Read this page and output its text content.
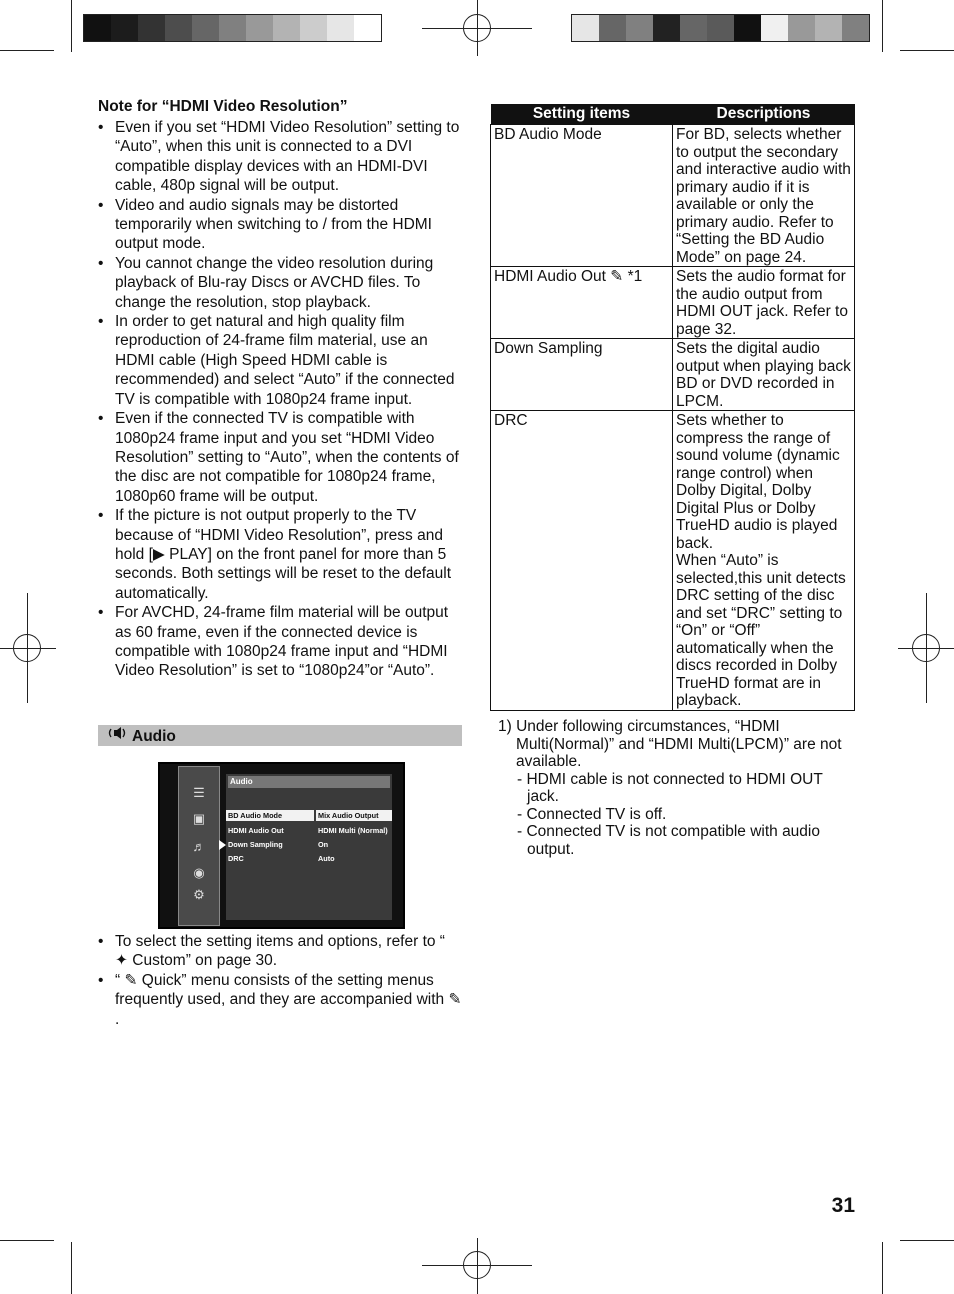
Note for “HDMI Video Resolution”
• Even if you set “HDMI Video Resolution” setting to “Auto”, when this unit is connected to a DVI compatible display devices with an HDMI-DVI cable, 480p signal will be output.
• Video and audio signals may be distorted temporarily when switching to / from the HDMI output mode.
• You cannot change the video resolution during playback of Blu-ray Discs or AVCHD files. To change the resolution, stop playback.
• In order to get natural and high quality film reproduction of 24-frame film material, use an HDMI cable (High Speed HDMI cable is recommended) and select “Auto” if the connected TV is compatible with 1080p24 frame input.
• Even if the connected TV is compatible with 1080p24 frame input and you set “HDMI Video Resolution” setting to “Auto”, when the contents of the disc are not compatible for 1080p24 frame, 1080p60 frame will be output.
• If the picture is not output properly to the TV because of “HDMI Video Resolution”, press and hold [▶ PLAY] on the front panel for more than 5 seconds. Both settings will be reset to the default automatically.
• For AVCHD, 24-frame film material will be output as 60 frame, even if the connected device is compatible with 1080p24 frame input and “HDMI Video Resolution” is set to “1080p24”or “Auto”.
Audio
☰
▣
♬
◉
⚙
Audio
BD Audio Mode	Mix Audio Output
HDMI Audio Out	HDMI Multi (Normal)
Down Sampling	On
DRC	Auto
• To select the setting items and options, refer to “ ✦ Custom” on page 30.
• “ ✎ Quick” menu consists of the setting menus frequently used, and they are accompanied with ✎ .
Setting items	Descriptions
BD Audio Mode	For BD, selects whether to output the secondary and interactive audio with primary audio if it is available or only the primary audio. Refer to “Setting the BD Audio Mode” on page 24.
HDMI Audio Out ✎ *1	Sets the audio format for the audio output from HDMI OUT jack. Refer to page 32.
Down Sampling	Sets the digital audio output when playing back BD or DVD recorded in LPCM.
DRC	Sets whether to compress the range of sound volume (dynamic range control) when Dolby Digital, Dolby Digital Plus or Dolby TrueHD audio is played back.
When “Auto” is selected,this unit detects DRC setting of the disc and set “DRC” setting to “On” or “Off” automatically when the discs recorded in Dolby TrueHD format are in playback.
1) Under following circumstances, “HDMI Multi(Normal)” and “HDMI Multi(LPCM)” are not available.
- HDMI cable is not connected to HDMI OUT jack.
- Connected TV is off.
- Connected TV is not compatible with audio output.
31
